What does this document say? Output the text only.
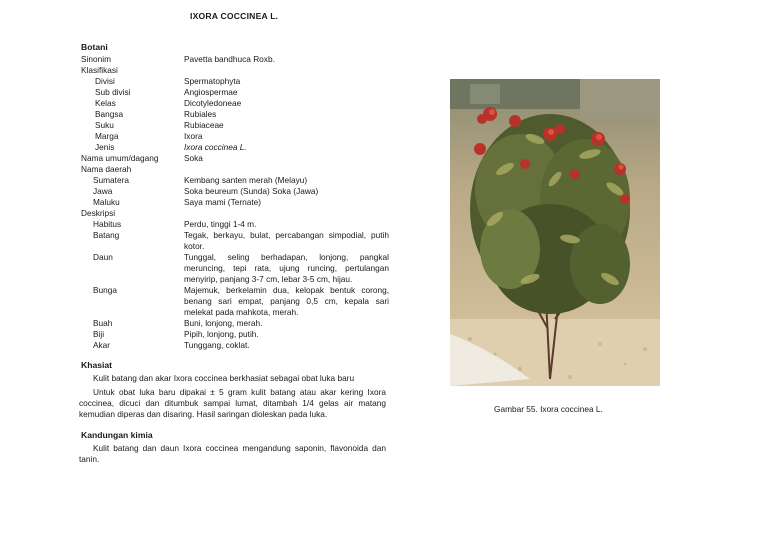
IXORA COCCINEA L.
Botani
Sinonim	Pavetta bandhuca Roxb.
Klasifikasi
Divisi	Spermatophyta
Sub divisi	Angiospermae
Kelas	Dicotyledoneae
Bangsa	Rubiales
Suku	Rubiaceae
Marga	Ixora
Jenis	Ixora coccinea L.
Nama umum/dagang	Soka
Nama daerah
Sumatera	Kembang santen merah (Melayu)
Jawa	Soka beureum (Sunda) Soka (Jawa)
Maluku	Saya mami (Ternate)
Deskripsi
Habitus	Perdu, tinggi 1-4 m.
Batang	Tegak, berkayu, bulat, percabangan simpodial, putih kotor.
Daun	Tunggal, seling berhadapan, lonjong, pangkal meruncing, tepi rata, ujung runcing, pertulangan menyirip, panjang 3-7 cm, lebar 3-5 cm, hijau.
Bunga	Majemuk, berkelamin dua, kelopak bentuk corong, benang sari empat, panjang 0,5 cm, kepala sari melekat pada mahkota, merah.
Buah	Buni, lonjong, merah.
Biji	Pipih, lonjong, putih.
Akar	Tunggang, coklat.
Khasiat
Kulit batang dan akar Ixora coccinea berkhasiat sebagai obat luka baru
Untuk obat luka baru dipakai ± 5 gram kulit batang atau akar kering Ixora coccinea, dicuci dan ditumbuk sampai lumat, ditambah 1/4 gelas air matang kemudian diperas dan disaring. Hasil saringan dioleskan pada luka.
Kandungan kimia
Kulit batang dan daun Ixora coccinea mengandung saponin, flavonoida dan tanin.
Gambar 55. Ixora coccinea L.
